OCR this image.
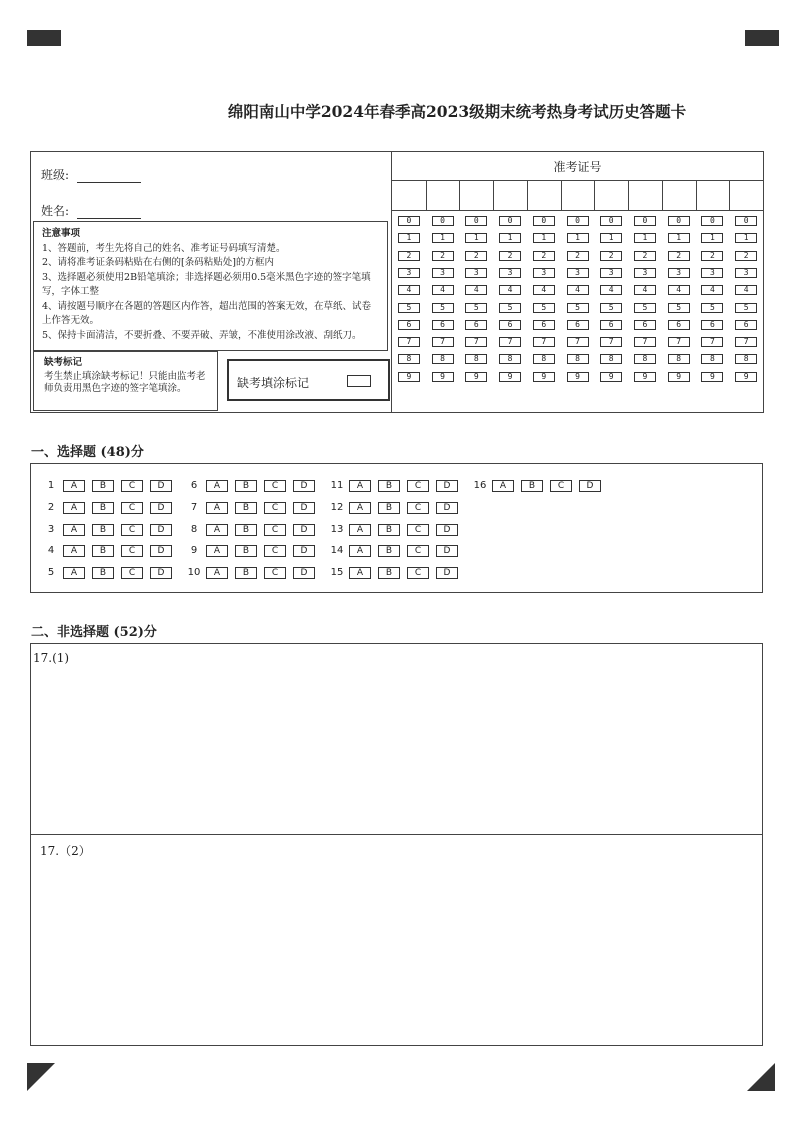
绵阳南山中学2024年春季高2023级期末统考热身考试历史答题卡
班级:
姓名:
注意事项
1、答题前，考生先将自己的姓名、准考证号码填写清楚。
2、请将准考证条码粘贴在右侧的[条码粘贴处]的方框内
3、选择题必须使用2B铅笔填涂；非选择题必须用0.5毫米黑色字迹的签字笔填写，字体工整
4、请按题号顺序在各题的答题区内作答，超出范围的答案无效，在草纸、试卷上作答无效。
5、保持卡面清洁，不要折叠、不要弄破、弄皱，不准使用涂改液、刮纸刀。
缺考标记
考生禁止填涂缺考标记！只能由监考老师负责用黑色字迹的签字笔填涂。	缺考填涂标记
准考证号
0	0	0	0	0	0	0	0	0	0	0
1	1	1	1	1	1	1	1	1	1	1
2	2	2	2	2	2	2	2	2	2	2
3	3	3	3	3	3	3	3	3	3	3
4	4	4	4	4	4	4	4	4	4	4
5	5	5	5	5	5	5	5	5	5	5
6	6	6	6	6	6	6	6	6	6	6
7	7	7	7	7	7	7	7	7	7	7
8	8	8	8	8	8	8	8	8	8	8
9	9	9	9	9	9	9	9	9	9	9
一、选择题 (48)分
1 A	B	C D	6 A	B	C D	11 A	B	C D	16 A	B	C D
2 A	B	C D	7 A	B	C D	12 A	B	C D
3 A	B	C D	8 A	B	C D	13 A	B	C D
4 A	B	C D	9 A	B	C D	14 A	B	C D
5 A	B	C D	10 A	B	C D	15 A	B	C D
二、非选择题 (52)分
17.(1)
17.（2）
